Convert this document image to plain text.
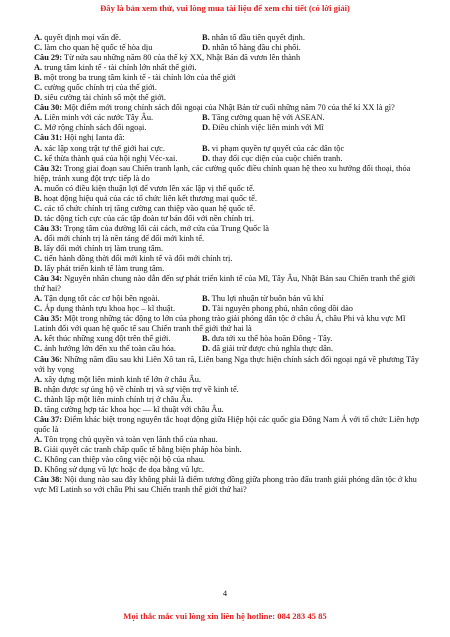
Đây là bản xem thử, vui lòng mua tài liệu để xem chi tiết (có lời giải)
A. quyết định mọi vấn đề.	B. nhân tố đầu tiên quyết định.
C. làm cho quan hệ quốc tế hòa dịu	D. nhân tố hàng đầu chi phối.
Câu 29: Từ nửa sau những năm 80 của thế kỷ XX, Nhật Bản đã vươn lên thành
A. trung tâm kinh tế - tài chính lớn nhất thế giới.
B. một trong ba trung tâm kinh tế - tài chính lớn của thế giới
C. cường quốc chính trị của thế giới.
D. siêu cường tài chính số một thế giới.
Câu 30: Một điểm mới trong chính sách đối ngoại của Nhật Bản từ cuối những năm 70 của thế kỉ XX là gì?
A. Liên minh với các nước Tây Âu.	B. Tăng cường quan hệ với ASEAN.
C. Mở rộng chính sách đối ngoại.	D. Điều chỉnh việc liên minh với Mĩ
Câu 31: Hội nghị Ianta đã:
A. xác lập xong trật tự thế giới hai cực.	B. vi phạm quyền tự quyết của các dân tộc
C. kể thừa thành quả của hội nghị Véc-xai.	D. thay đổi cục diện của cuộc chiến tranh.
Câu 32: Trong giai đoạn sau Chiến tranh lạnh, các cường quốc điều chỉnh quan hệ theo xu hướng đối thoại, thỏa hiệp, tránh xung đột trực tiếp là do
A. muốn có điều kiện thuận lợi để vươn lên xác lập vị thế quốc tế.
B. hoạt động hiệu quả của các tổ chức liên kết thương mại quốc tế.
C. các tổ chức chính trị tăng cường can thiệp vào quan hệ quốc tế.
D. tác động tích cực của các tập đoàn tư bản đối với nền chính trị.
Câu 33: Trọng tâm của đường lối cải cách, mở cửa của Trung Quốc là
A. đổi mới chính trị là nền tảng để đổi mới kinh tế.
B. lấy đổi mới chính trị làm trung tâm.
C. tiến hành đồng thời đổi mới kinh tế và đổi mới chính trị.
D. lấy phát triển kinh tế làm trung tâm.
Câu 34: Nguyên nhân chung nào dẫn đến sự phát triển kinh tế của Mĩ, Tây Âu, Nhật Bản sau Chiến tranh thế giới thứ hai?
A. Tận dụng tốt các cơ hội bên ngoài.	B. Thu lợi nhuận từ buôn bán vũ khí
C. Áp dụng thành tựu khoa học – kĩ thuật.	D. Tài nguyên phong phú, nhân công dồi dào
Câu 35: Một trong những tác động to lớn của phong trào giải phóng dân tộc ở châu Á, châu Phi và khu vực Mĩ Latinh đối với quan hệ quốc tế sau Chiến tranh thế giới thứ hai là
A. kết thúc những xung đột trên thế giới.	B. đưa tới xu thế hòa hoãn Đông - Tây.
C. ảnh hưởng lớn đến xu thế toàn cầu hóa.	D. đã giải trừ được chủ nghĩa thực dân.
Câu 36: Những năm đầu sau khi Liên Xô tan rã, Liên bang Nga thực hiện chính sách đối ngoại ngả về phương Tây với hy vọng
A. xây dựng một liên minh kinh tế lớn ở châu Âu.
B. nhận được sự ủng hộ về chính trị và sự viện trợ về kinh tế.
C. thành lập một liên minh chính trị ở châu Âu.
D. tăng cường hợp tác khoa học — kĩ thuật với châu Âu.
Câu 37: Điểm khác biệt trong nguyên tắc hoạt động giữa Hiệp hội các quốc gia Đông Nam Á với tổ chức Liên hợp quốc là
A. Tôn trọng chủ quyền và toàn vẹn lãnh thổ của nhau.
B. Giải quyết các tranh chấp quốc tế bằng biện pháp hòa bình.
C. Không can thiệp vào công việc nội bộ của nhau.
D. Không sử dụng vũ lực hoặc đe dọa bằng vũ lực.
Câu 38: Nội dung nào sau đây không phải là điểm tương đồng giữa phong trào đấu tranh giải phóng dân tộc ở khu vực Mĩ Latinh so với châu Phi sau Chiến tranh thế giới thứ hai?
4
Mọi thắc mắc vui lòng xin liên hệ hotline: 084 283 45 85
